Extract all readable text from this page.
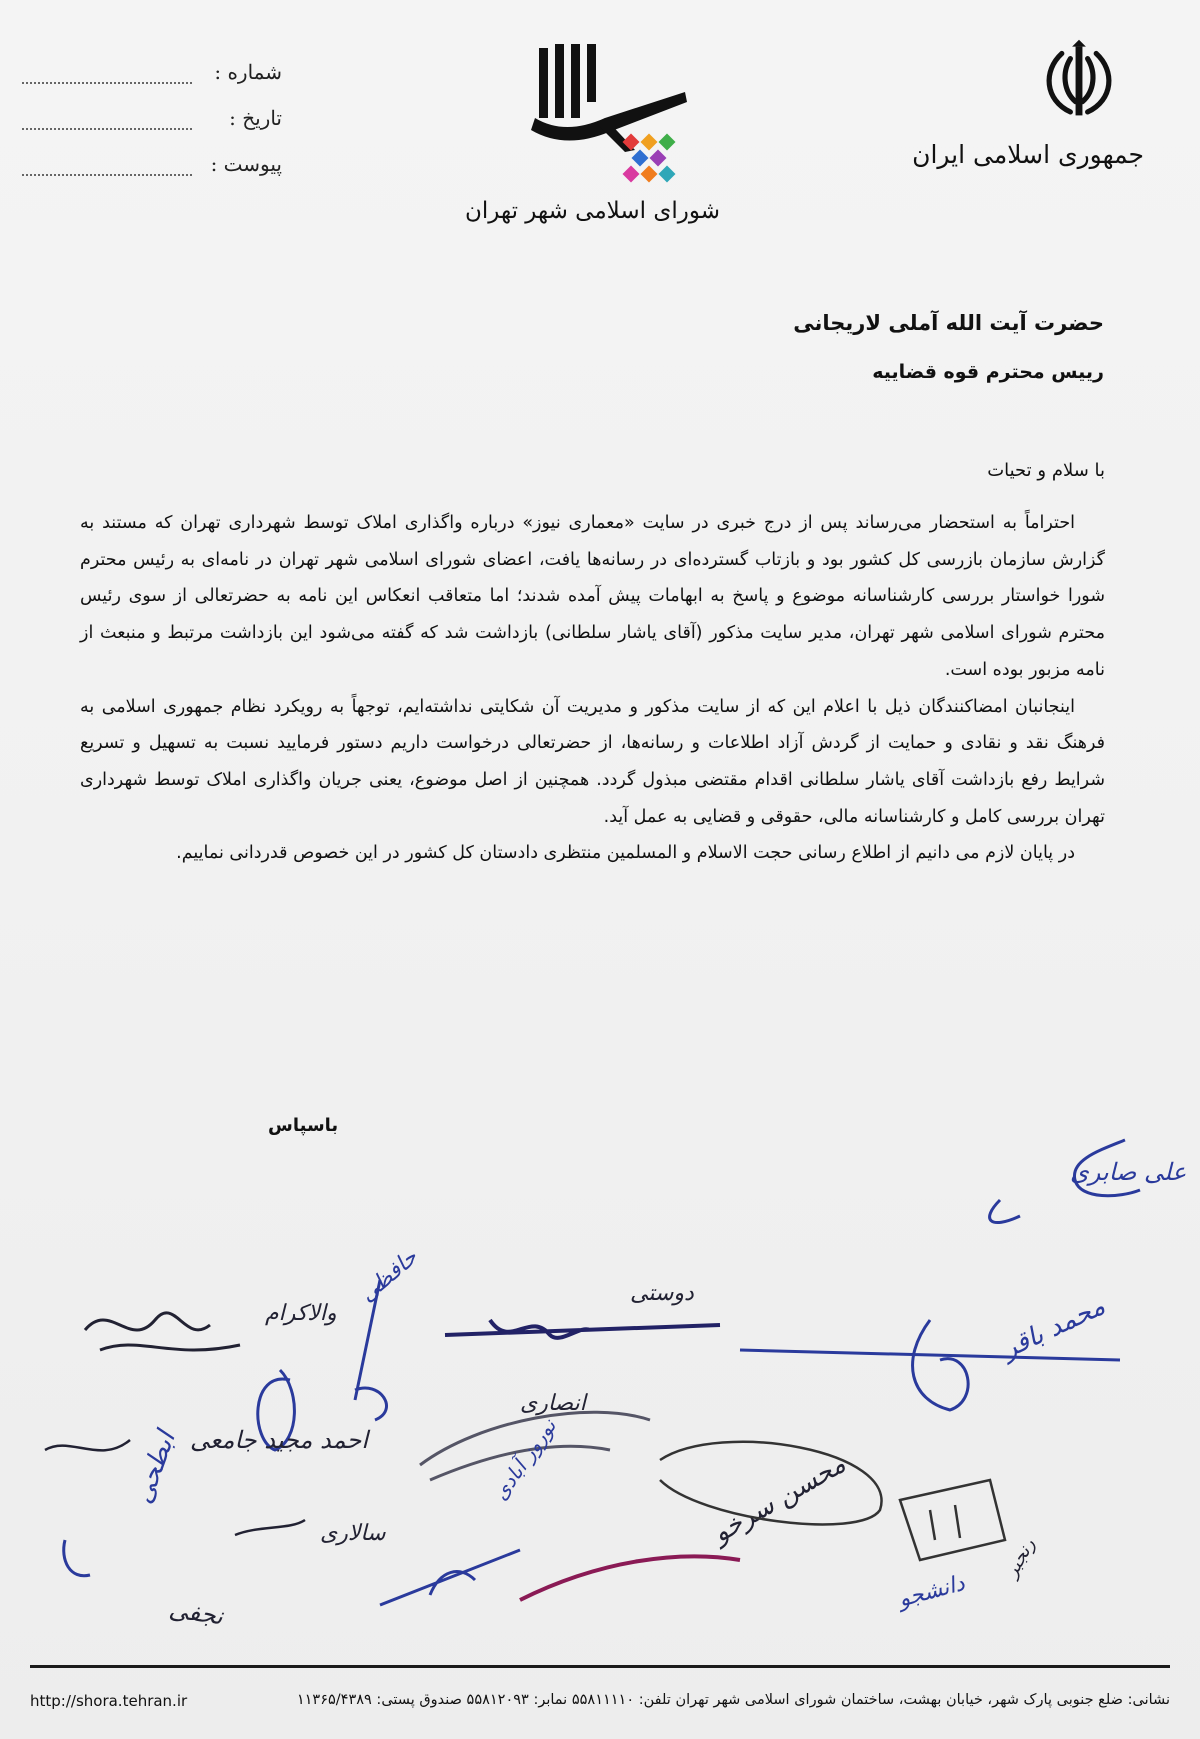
جمهوری اسلامی ایران
شورای اسلامی شهر تهران
شماره :
تاریخ :
پیوست :
حضرت آیت الله آملی لاریجانی
رییس محترم قوه قضاییه
با سلام و تحیات

احتراماً به استحضار می‌رساند پس از درج خبری در سایت «معماری نیوز» درباره واگذاری املاک توسط شهرداری تهران که مستند به گزارش سازمان بازرسی کل کشور بود و بازتاب گسترده‌ای در رسانه‌ها یافت، اعضای شورای اسلامی شهر تهران در نامه‌ای به رئیس محترم شورا خواستار بررسی کارشناسانه موضوع و پاسخ به ابهامات پیش آمده شدند؛ اما متعاقب انعکاس این نامه به حضرتعالی از سوی رئیس محترم شورای اسلامی شهر تهران، مدیر سایت مذکور (آقای یاشار سلطانی) بازداشت شد که گفته می‌شود این بازداشت مرتبط و منبعث از نامه مزبور بوده است.

اینجانبان امضاکنندگان ذیل با اعلام این که از سایت مذکور و مدیریت آن شکایتی نداشته‌ایم، توجهاً به رویکرد نظام جمهوری اسلامی به فرهنگ نقد و نقادی و حمایت از گردش آزاد اطلاعات و رسانه‌ها، از حضرتعالی درخواست داریم دستور فرمایید نسبت به تسهیل و تسریع شرایط رفع بازداشت آقای یاشار سلطانی اقدام مقتضی مبذول گردد. همچنین از اصل موضوع، یعنی جریان واگذاری املاک توسط شهرداری تهران بررسی کامل و کارشناسانه مالی، حقوقی و قضایی به عمل آید.

در پایان لازم می دانیم از اطلاع رسانی حجت الاسلام و المسلمین منتظری دادستان کل کشور در این خصوص قدردانی نماییم.

باسپاس
علی صابری
والاکرام
حافظی	دوستی	محمد باقر
انصاری
احمد مجید جامعی
ابطحی
نجفی
سالاری
نوروز آبادی	محسن سرخو
دانشجو
رنجبر
http://shora.tehran.ir	نشانی: ضلع جنوبی پارک شهر، خیابان بهشت، ساختمان شورای اسلامی شهر تهران تلفن: ۵۵۸۱۱۱۱۰ نمابر: ۵۵۸۱۲۰۹۳ صندوق پستی: ۱۱۳۶۵/۴۳۸۹
